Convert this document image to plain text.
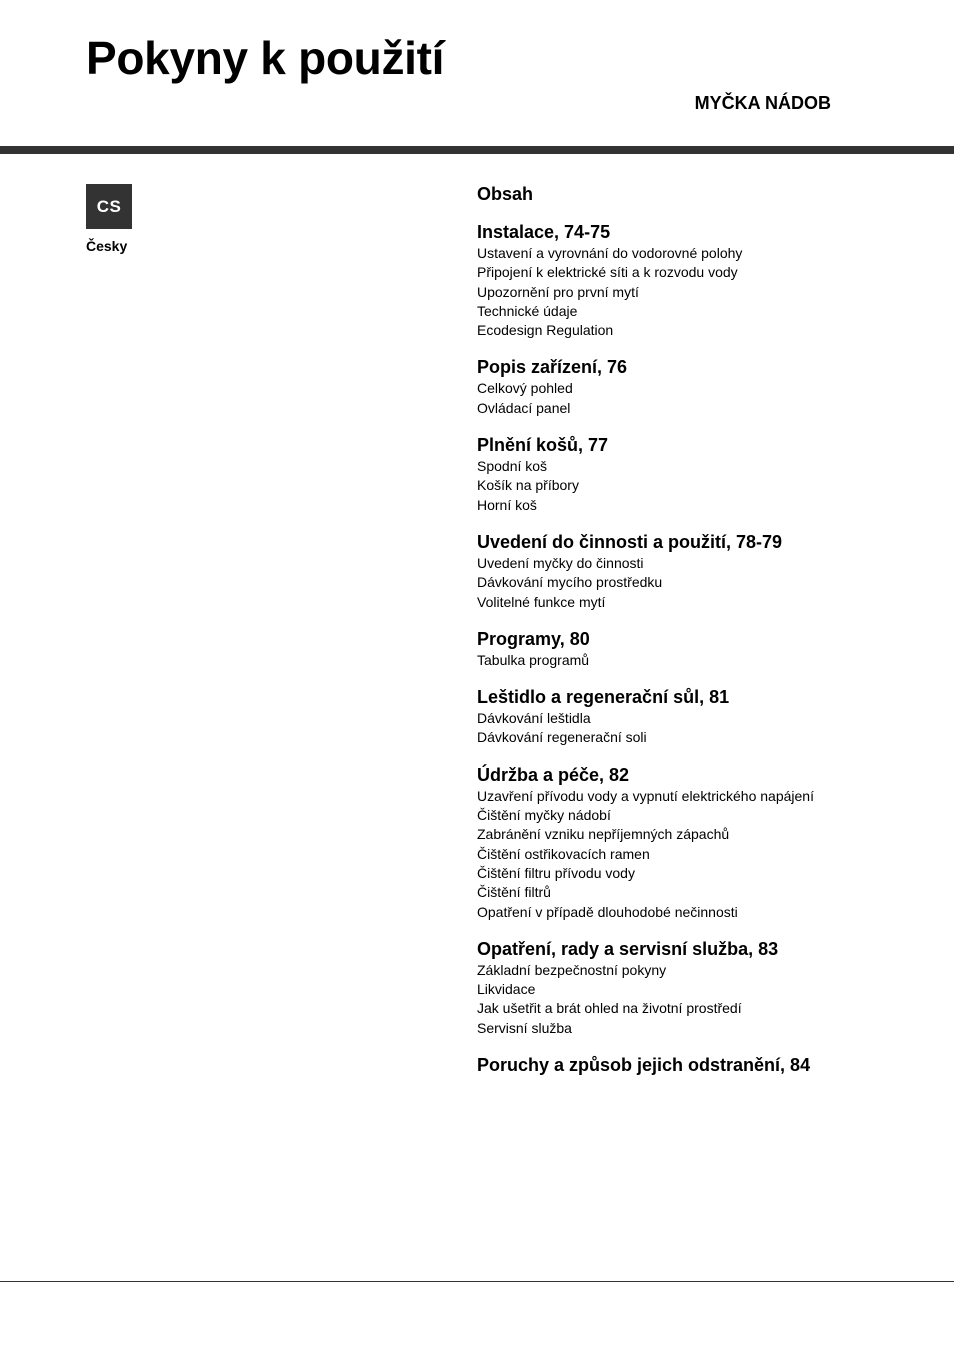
Pokyny k použití
MYČKA NÁDOB
CS
Česky
Obsah
Instalace, 74-75
Ustavení a vyrovnání do vodorovné polohy
Připojení k elektrické síti a k rozvodu vody
Upozornění pro první mytí
Technické údaje
Ecodesign Regulation
Popis zařízení, 76
Celkový pohled
Ovládací panel
Plnění košů, 77
Spodní koš
Košík na příbory
Horní koš
Uvedení do činnosti a použití, 78-79
Uvedení myčky do činnosti
Dávkování mycího prostředku
Volitelné funkce mytí
Programy, 80
Tabulka programů
Leštidlo a regenerační sůl, 81
Dávkování leštidla
Dávkování regenerační soli
Údržba a péče, 82
Uzavření přívodu vody a vypnutí elektrického napájení
Čištění myčky nádobí
Zabránění vzniku nepříjemných zápachů
Čištění ostřikovacích ramen
Čištění filtru přívodu vody
Čištění filtrů
Opatření v případě dlouhodobé nečinnosti
Opatření, rady a servisní služba, 83
Základní bezpečnostní pokyny
Likvidace
Jak ušetřit a brát ohled na životní prostředí
Servisní služba
Poruchy a způsob jejich odstranění, 84
